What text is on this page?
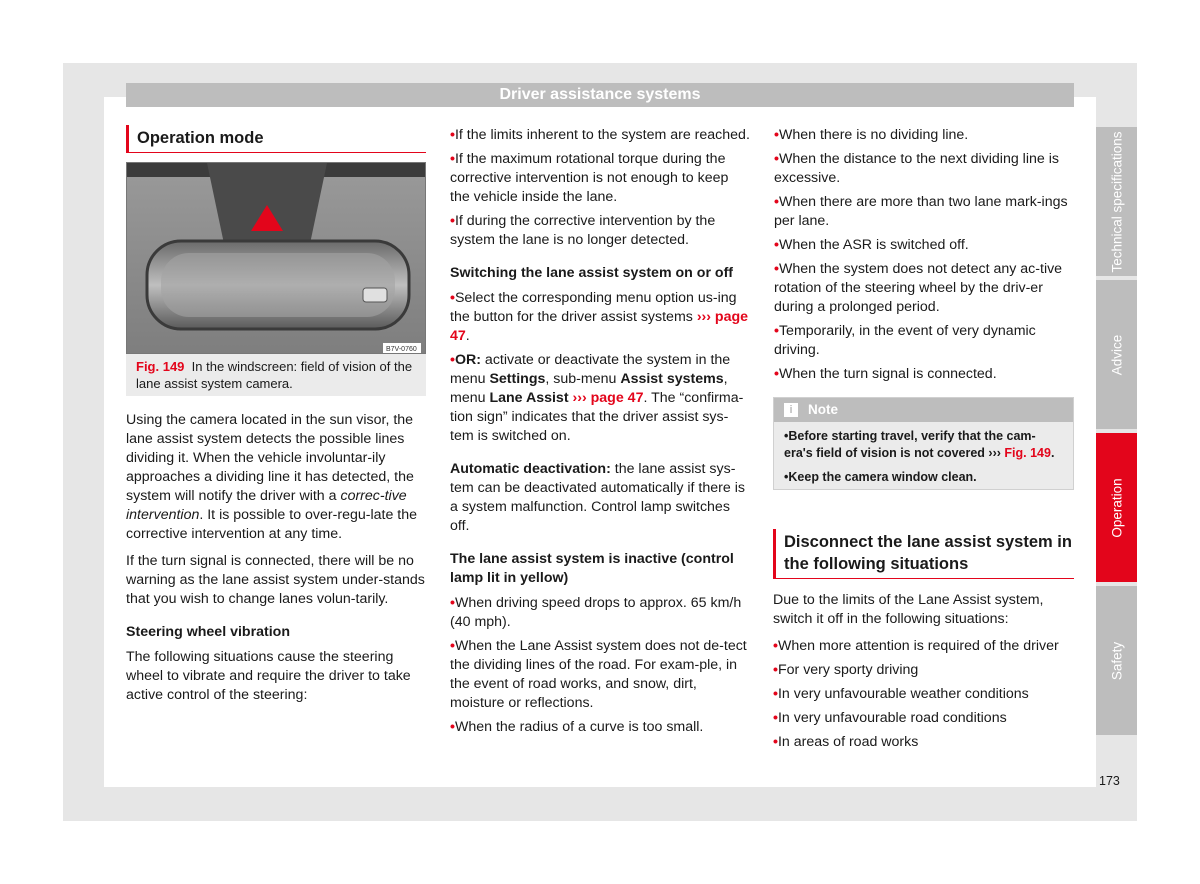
Driver assistance systems
Operation mode
B7V-0760
Fig. 149 In the windscreen: field of vision of the lane assist system camera.

Using the camera located in the sun visor, the lane assist system detects the possible lines dividing it. When the vehicle involuntar-ily approaches a dividing line it has detected, the system will notify the driver with a correc-tive intervention. It is possible to over-regu-late the corrective intervention at any time.

If the turn signal is connected, there will be no warning as the lane assist system under-stands that you wish to change lanes volun-tarily.

Steering wheel vibration

The following situations cause the steering wheel to vibrate and require the driver to take active control of the steering:

• If the limits inherent to the system are reached.
• If the maximum rotational torque during the corrective intervention is not enough to keep the vehicle inside the lane.
• If during the corrective intervention by the system the lane is no longer detected.

Switching the lane assist system on or off

• Select the corresponding menu option us-ing the button for the driver assist systems ››› page 47.
• OR: activate or deactivate the system in the menu Settings, sub-menu Assist systems, menu Lane Assist ››› page 47. The “confirma-tion sign” indicates that the driver assist sys-tem is switched on.

Automatic deactivation: the lane assist sys-tem can be deactivated automatically if there is a system malfunction. Control lamp switches off.

The lane assist system is inactive (control lamp lit in yellow)

• When driving speed drops to approx. 65 km/h (40 mph).
• When the Lane Assist system does not de-tect the dividing lines of the road. For exam-ple, in the event of road works, and snow, dirt, moisture or reflections.
• When the radius of a curve is too small.
• When there is no dividing line.
• When the distance to the next dividing line is excessive.
• When there are more than two lane mark-ings per lane.
• When the ASR is switched off.
• When the system does not detect any ac-tive rotation of the steering wheel by the driv-er during a prolonged period.
• Temporarily, in the event of very dynamic driving.
• When the turn signal is connected.
i	Note
• Before starting travel, verify that the cam-era's field of vision is not covered ››› Fig. 149.
• Keep the camera window clean.
Disconnect the lane assist system in the following situations

Due to the limits of the Lane Assist system, switch it off in the following situations:

• When more attention is required of the driver
• For very sporty driving
• In very unfavourable weather conditions
• In very unfavourable road conditions
• In areas of road works
Technical specifications
Advice
Operation
Safety
173
